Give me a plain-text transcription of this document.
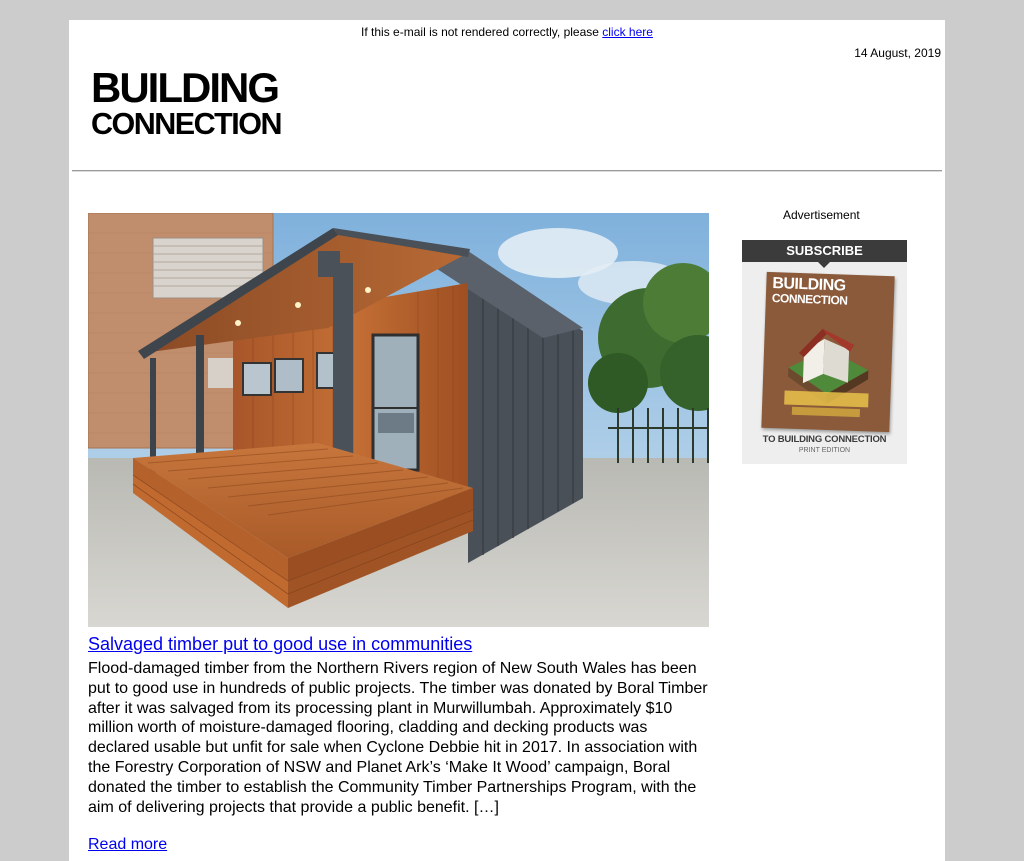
If this e-mail is not rendered correctly, please click here
14 August, 2019
BUILDING
CONNECTION
Salvaged timber put to good use in communities
Flood-damaged timber from the Northern Rivers region of New South Wales has been put to good use in hundreds of public projects. The timber was donated by Boral Timber after it was salvaged from its processing plant in Murwillumbah. Approximately $10 million worth of moisture-damaged flooring, cladding and decking products was declared usable but unfit for sale when Cyclone Debbie hit in 2017. In association with the Forestry Corporation of NSW and Planet Ark’s ‘Make It Wood’ campaign, Boral donated the timber to establish the Community Timber Partnerships Program, with the aim of delivering projects that provide a public benefit. […]
Read more
Advertisement
SUBSCRIBE
BUILDING
CONNECTION
TO BUILDING CONNECTION
PRINT EDITION
